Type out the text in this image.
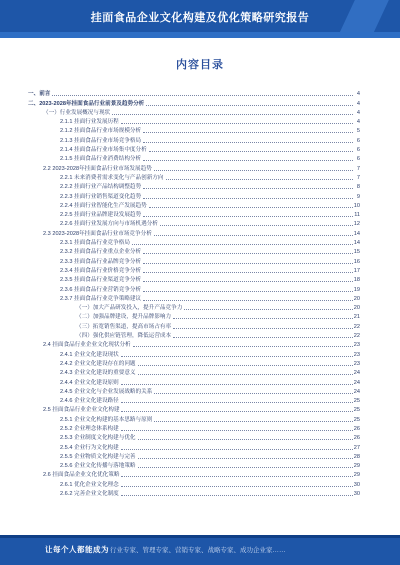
挂面食品企业文化构建及优化策略研究报告
内容目录
一、前言	4
二、2023-2028年挂面食品行业前景及趋势分析	4
（一）行业发展概况与现状	4
2.1.1 挂面行业发展历程	4
2.1.2 挂面食品行业市场规模分析	5
2.1.3 挂面食品行业市场竞争格局	6
2.1.4 挂面食品行业市场集中度分析	6
2.1.5 挂面食品行业消费结构分析	6
2.2 2023-2028年挂面食品行业市场发展趋势	7
2.2.1 未来消费者需求变化与产品创新方向	7
2.2.2 挂面行业产品结构调整趋势	8
2.2.3 挂面行业销售渠道变化趋势	9
2.2.4 挂面行业智能化生产发展趋势	10
2.2.5 挂面行业品牌建设发展趋势	11
2.2.6 挂面行业发展方向与市场机遇分析	12
2.3 2023-2028年挂面食品行业市场竞争分析	14
2.3.1 挂面食品行业竞争格局	14
2.3.2 挂面食品行业重点企业分析	15
2.3.3 挂面食品行业品牌竞争分析	16
2.3.4 挂面食品行业价格竞争分析	17
2.3.5 挂面食品行业渠道竞争分析	18
2.3.6 挂面食品行业营销竞争分析	19
2.3.7 挂面食品行业竞争策略建议	20
（一）加大产品研发投入，提升产品竞争力	20
（二）加强品牌建设，提升品牌影响力	21
（三）拓宽销售渠道，提高市场占有率	22
（四）强化供应链管理，降低运营成本	22
2.4 挂面食品行业企业文化现状分析	23
2.4.1 企业文化建设现状	23
2.4.2 企业文化建设存在的问题	23
2.4.3 企业文化建设的重要意义	24
2.4.4 企业文化建设原则	24
2.4.5 企业文化与企业发展战略的关系	24
2.4.6 企业文化建设路径	25
2.5 挂面食品行业企业文化构建	25
2.5.1 企业文化构建的基本思路与原则	25
2.5.2 企业理念体系构建	26
2.5.3 企业制度文化构建与优化	26
2.5.4 企业行为文化构建	27
2.5.5 企业物质文化构建与完善	28
2.5.6 企业文化传播与落地策略	29
2.6 挂面食品企业文化优化策略	29
2.6.1 优化企业文化理念	30
2.6.2 完善企业文化制度	30
让每个人都能成为 行业专家、管理专家、营销专家、战略专家、成功企业家……
